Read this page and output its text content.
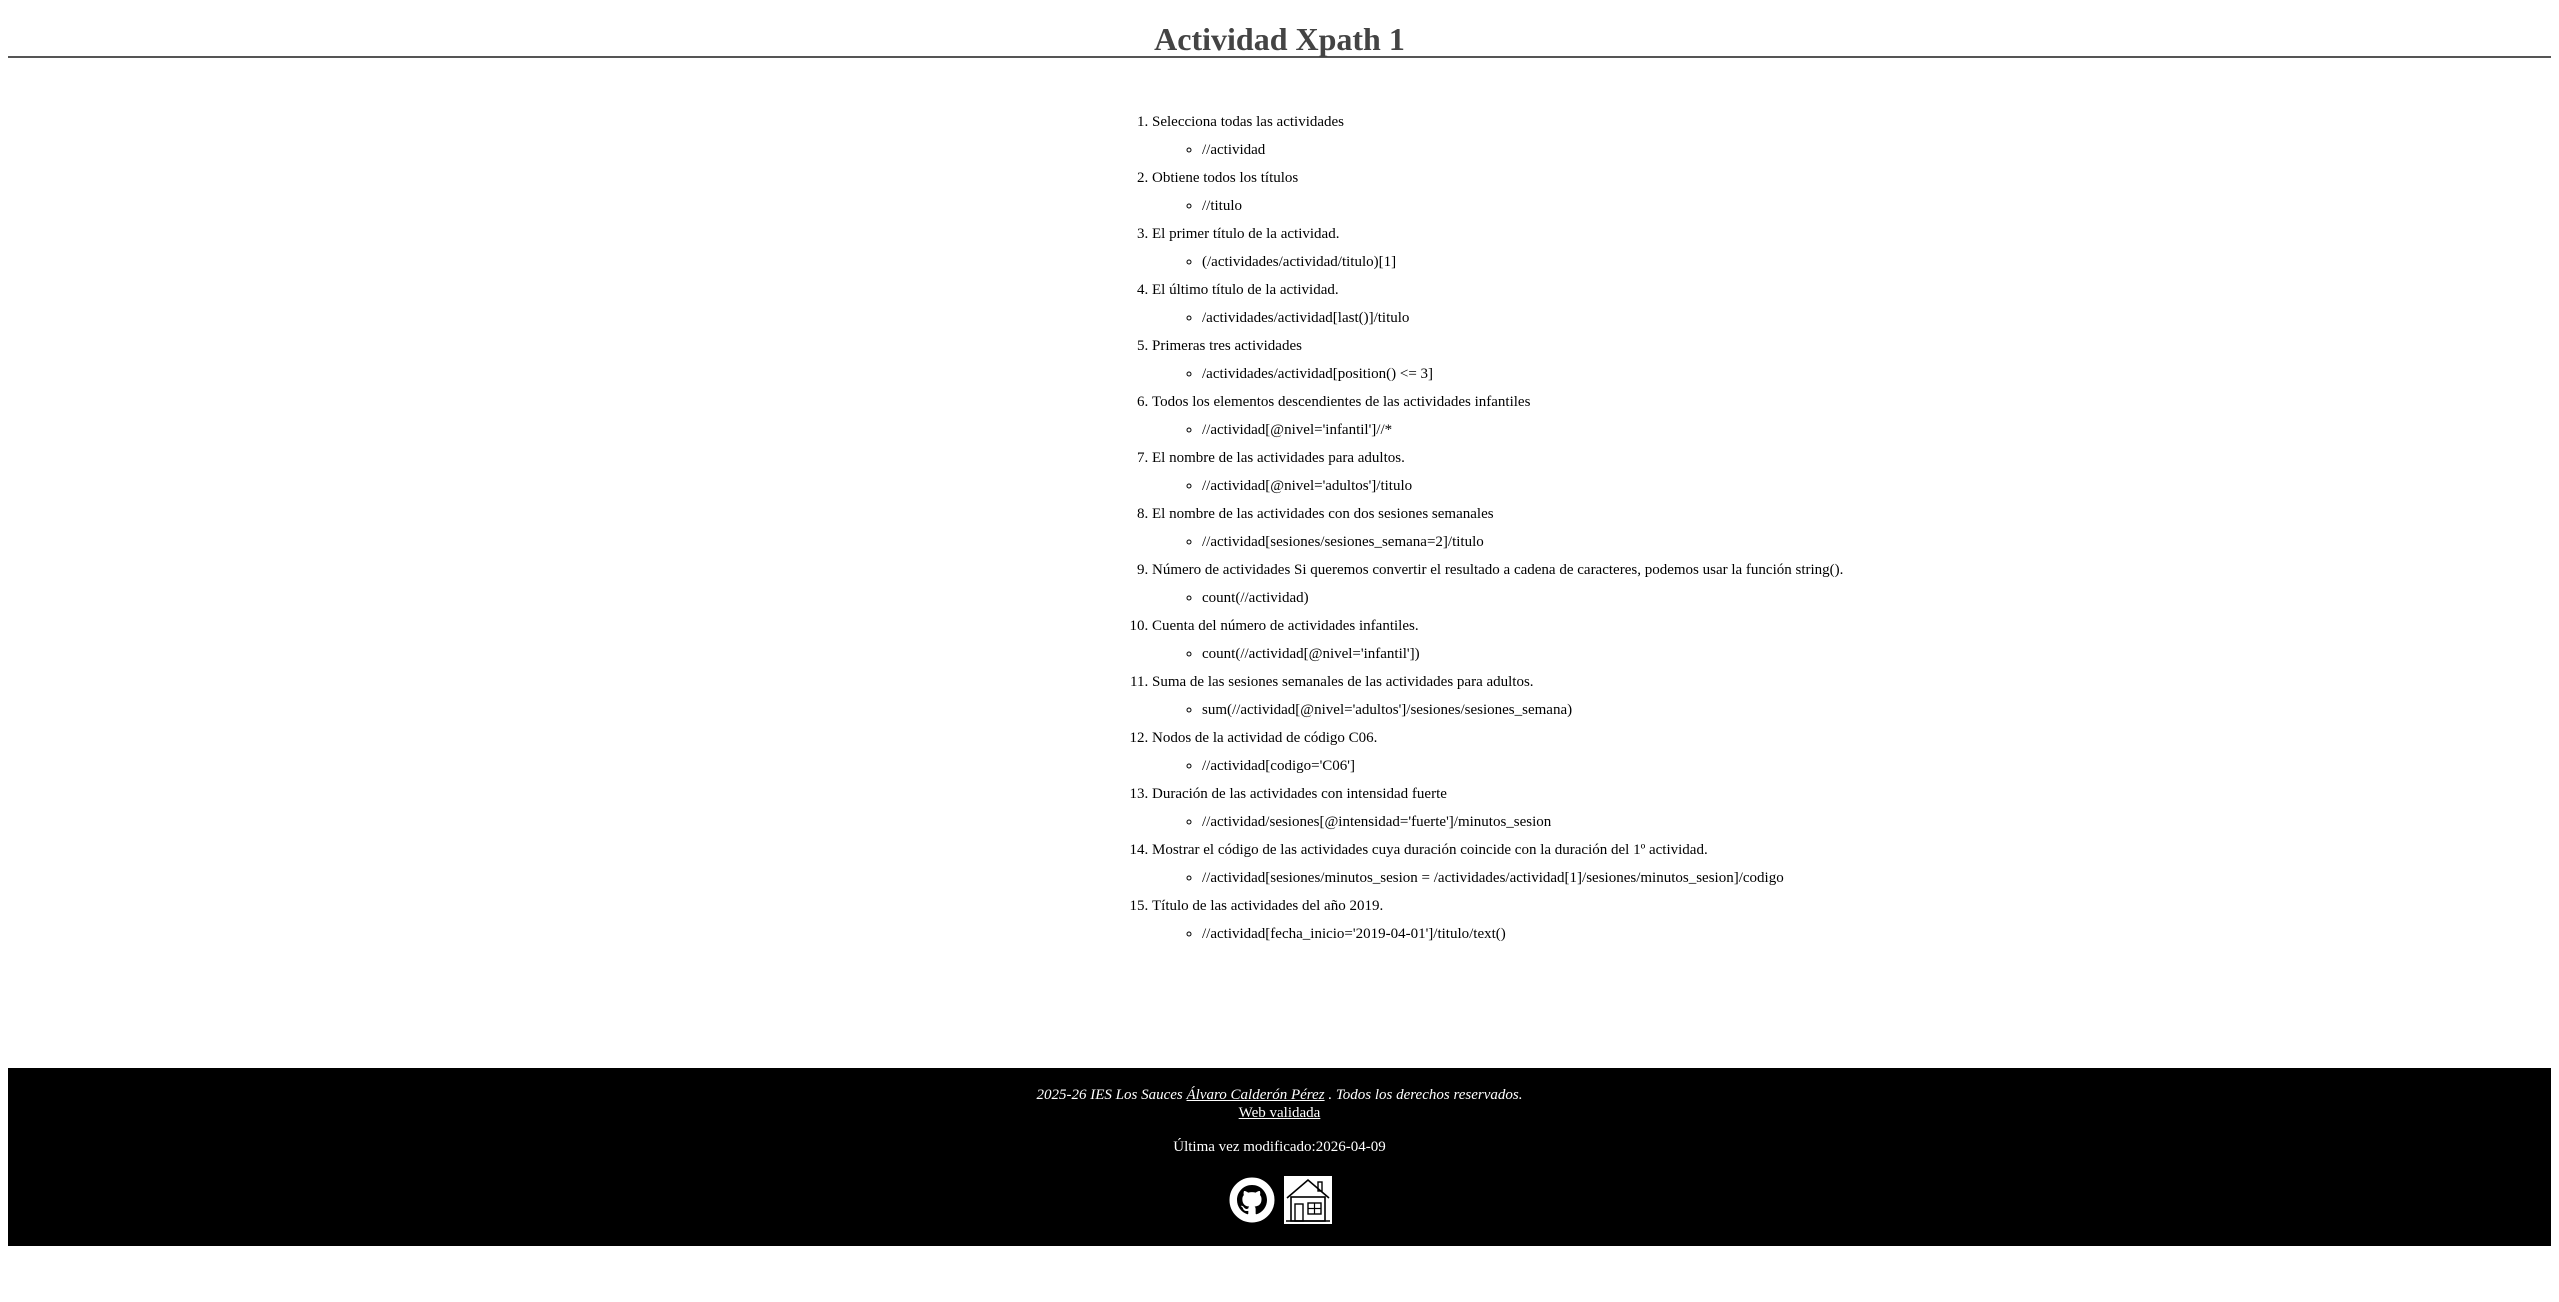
Actividad Xpath 1
1. Selecciona todas las actividades
◦ //actividad
2. Obtiene todos los títulos
◦ //titulo
3. El primer título de la actividad.
◦ (/actividades/actividad/titulo)[1]
4. El último título de la actividad.
◦ /actividades/actividad[last()]/titulo
5. Primeras tres actividades
◦ /actividades/actividad[position() <= 3]
6. Todos los elementos descendientes de las actividades infantiles
◦ //actividad[@nivel='infantil']//*
7. El nombre de las actividades para adultos.
◦ //actividad[@nivel='adultos']/titulo
8. El nombre de las actividades con dos sesiones semanales
◦ //actividad[sesiones/sesiones_semana=2]/titulo
9. Número de actividades Si queremos convertir el resultado a cadena de caracteres, podemos usar la función string().
◦ count(//actividad)
10. Cuenta del número de actividades infantiles.
◦ count(//actividad[@nivel='infantil'])
11. Suma de las sesiones semanales de las actividades para adultos.
◦ sum(//actividad[@nivel='adultos']/sesiones/sesiones_semana)
12. Nodos de la actividad de código C06.
◦ //actividad[codigo='C06']
13. Duración de las actividades con intensidad fuerte
◦ //actividad/sesiones[@intensidad='fuerte']/minutos_sesion
14. Mostrar el código de las actividades cuya duración coincide con la duración del 1º actividad.
◦ //actividad[sesiones/minutos_sesion = /actividades/actividad[1]/sesiones/minutos_sesion]/codigo
15. Título de las actividades del año 2019.
◦ //actividad[fecha_inicio='2019-04-01']/titulo/text()
2025-26 IES Los Sauces Álvaro Calderón Pérez . Todos los derechos reservados.
Web validada
Última vez modificado:2026-04-09
